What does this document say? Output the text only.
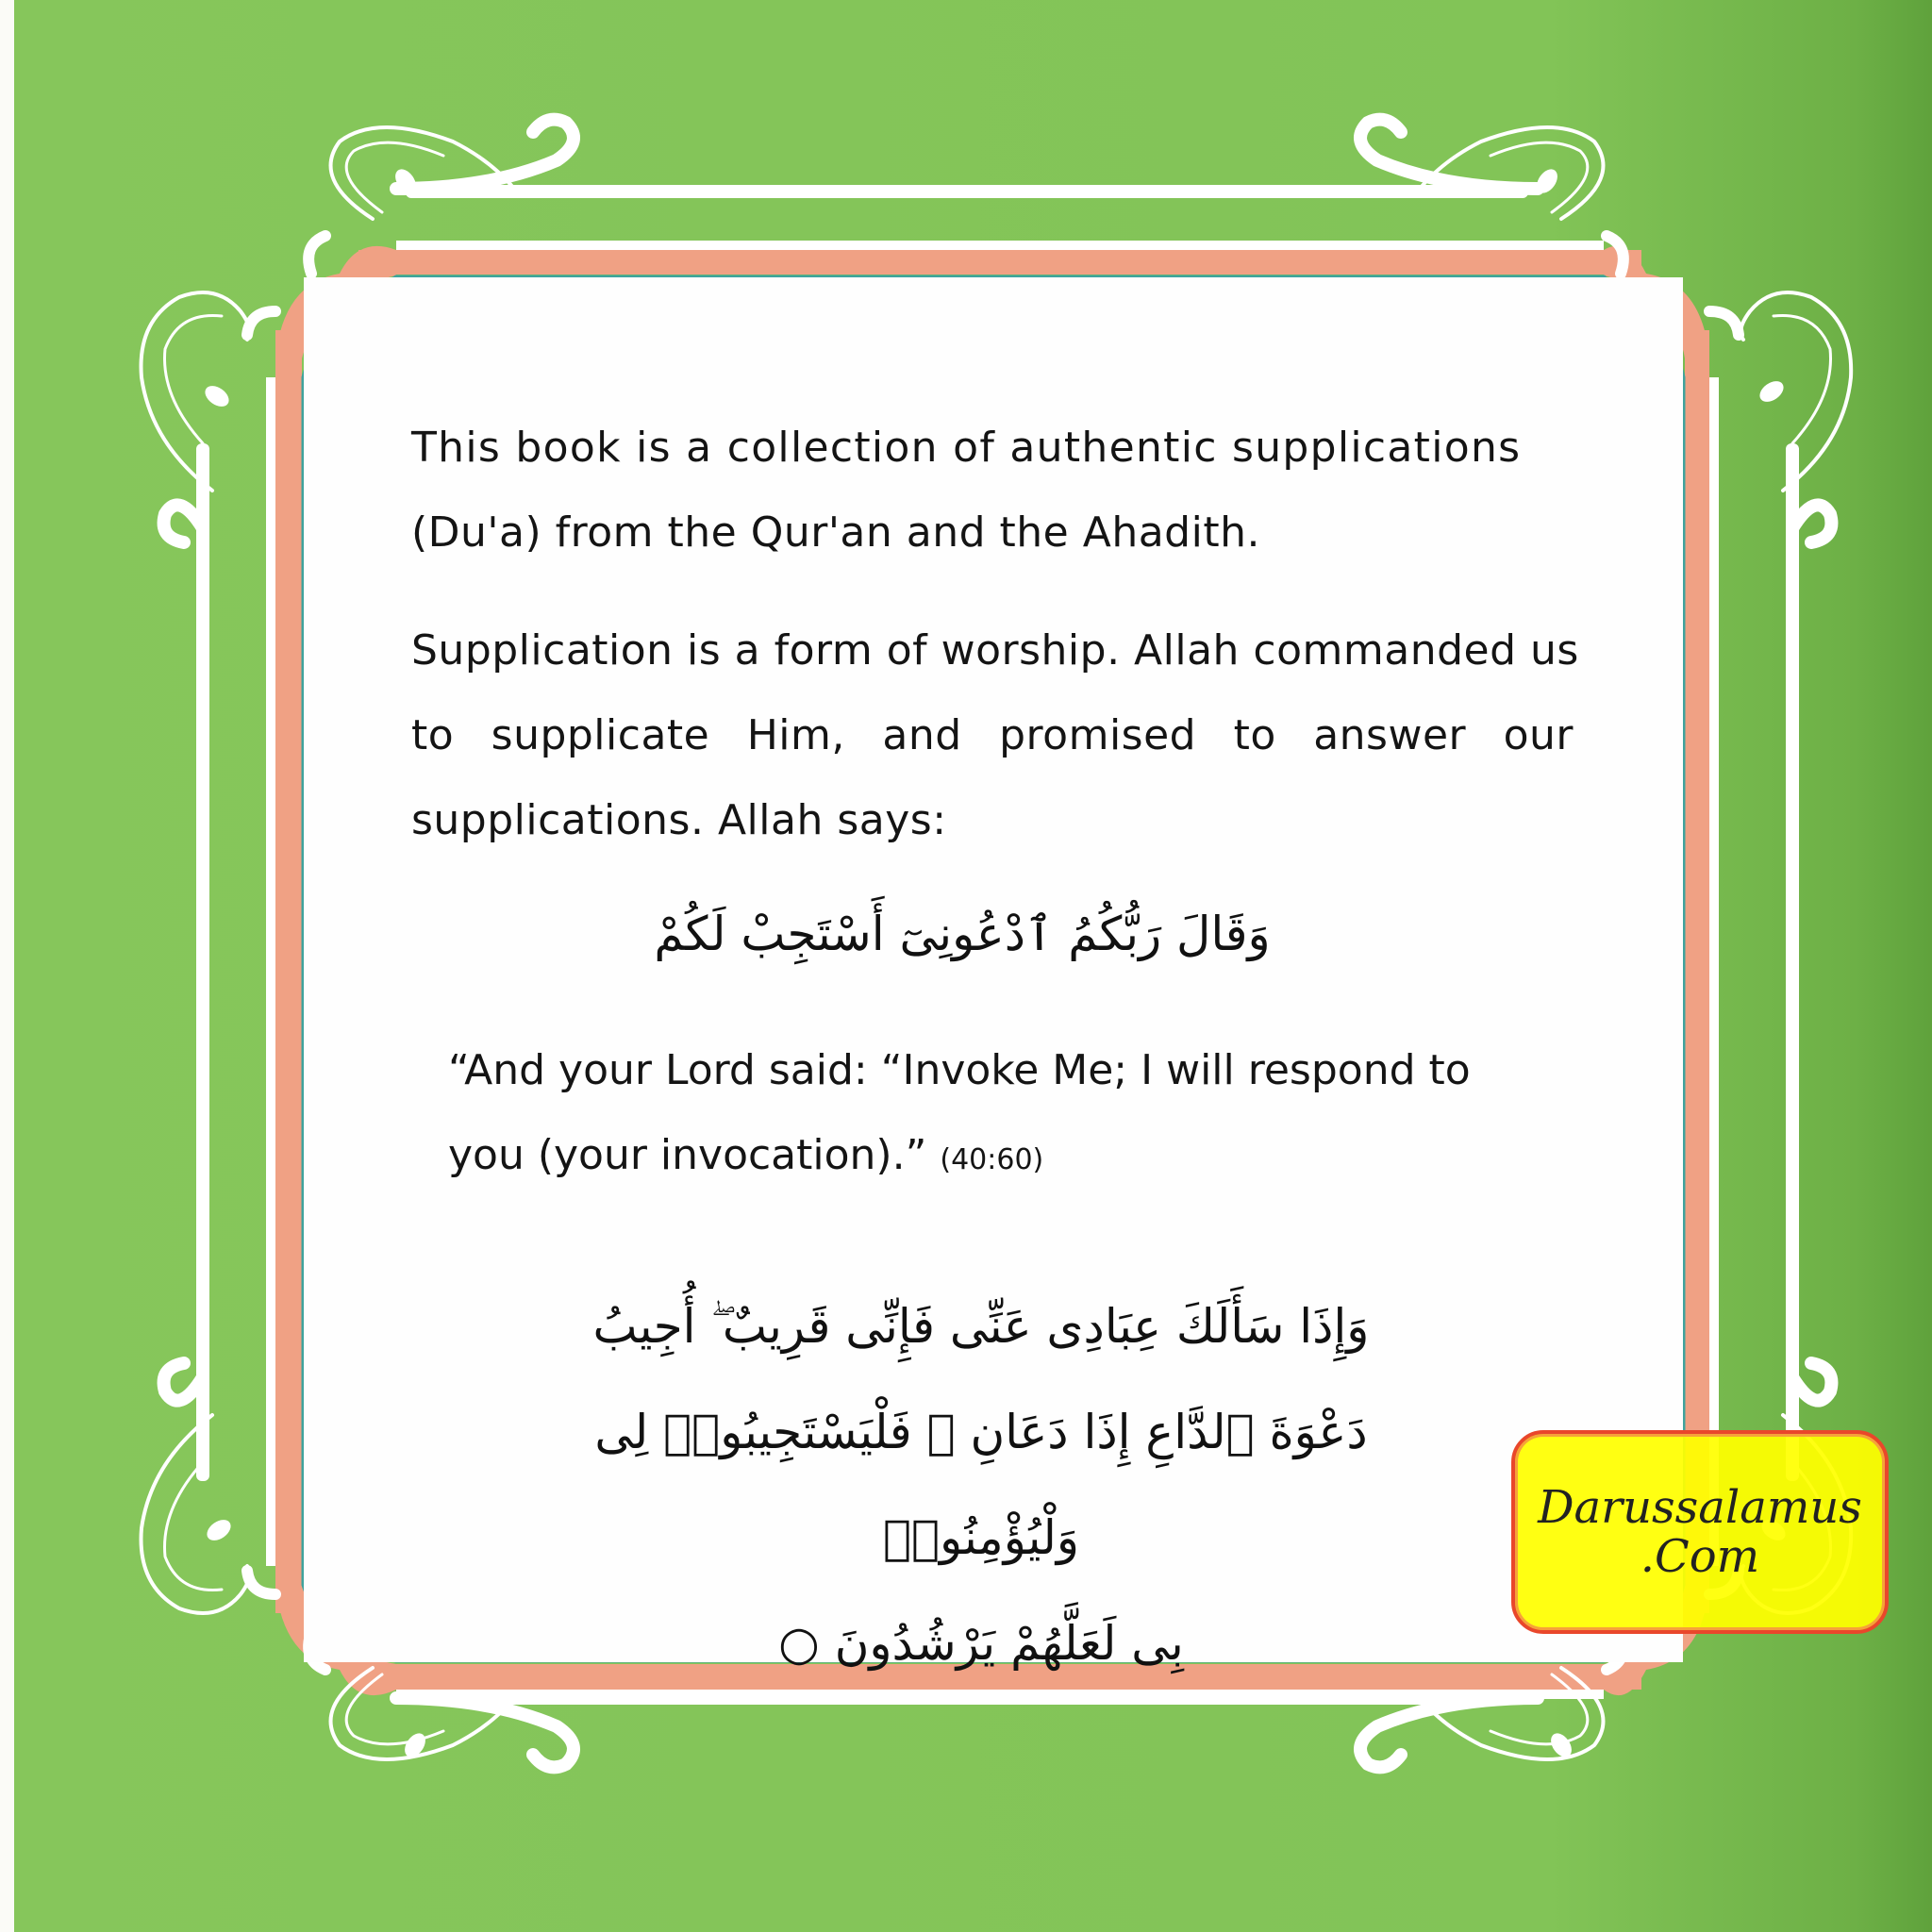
This book is a collection of authentic supplications
(Du'a) from the Qur'an and the Ahadith.
Supplication is a form of worship. Allah commanded us
to supplicate Him, and promised to answer our
supplications. Allah says:
وَقَالَ رَبُّكُمُ ٱدْعُونِىٓ أَسْتَجِبْ لَكُمْ
“And your Lord said: “Invoke Me; I will respond to
you (your invocation).” (40:60)
وَإِذَا سَأَلَكَ عِبَادِى عَنِّى فَإِنِّى قَرِيبٌ ۖ أُجِيبُ
دَعْوَةَ ٱلدَّاعِ إِذَا دَعَانِ ۖ فَلْيَسْتَجِيبُوا۟ لِى وَلْيُؤْمِنُوا۟
بِى لَعَلَّهُمْ يَرْشُدُونَ ○
Darussalamus
.Com
